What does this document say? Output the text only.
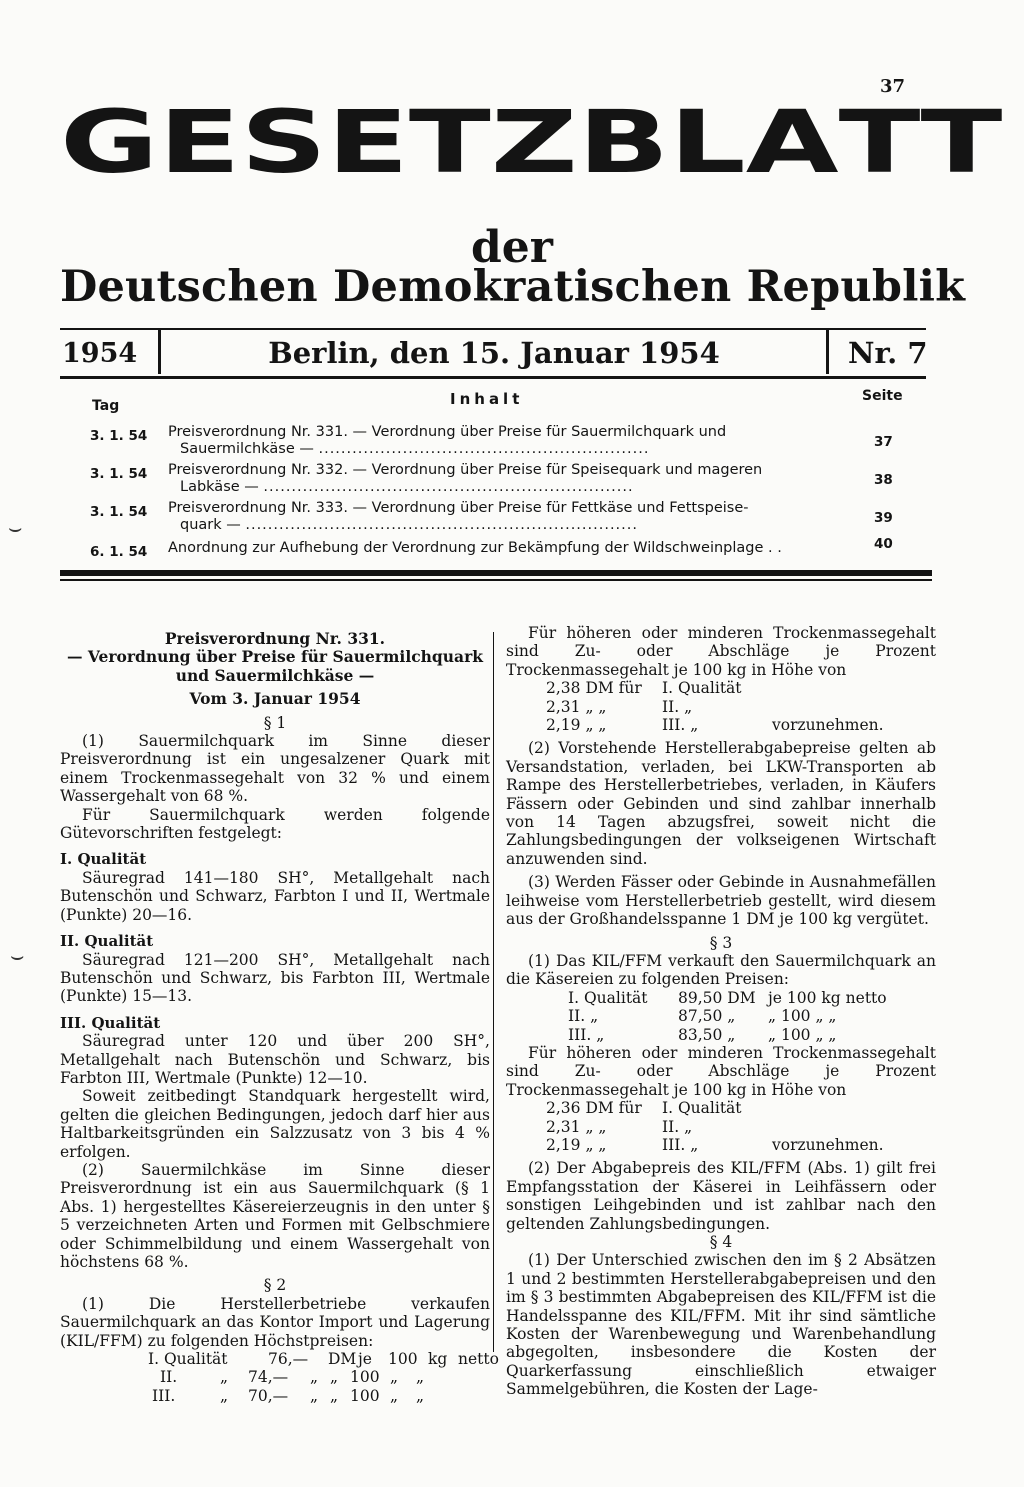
37
G E S E T Z B L A T T
der
Deutschen Demokratischen Republik
1954	Berlin, den 15. Januar 1954	Nr. 7
Tag	Inhalt	Seite
3. 1. 54	Preisverordnung Nr. 331. — Verordnung über Preise für Sauermilchquark und
Sauermilchkäse — ...........................................................	37
3. 1. 54	Preisverordnung Nr. 332. — Verordnung über Preise für Speisequark und mageren
Labkäse — ..................................................................	38
3. 1. 54	Preisverordnung Nr. 333. — Verordnung über Preise für Fettkäse und Fettspeise-
quark — ......................................................................	39
6. 1. 54	Anordnung zur Aufhebung der Verordnung zur Bekämpfung der Wildschweinplage . .	40
⌣
⌣

Preisverordnung Nr. 331.

— Verordnung über Preise für Sauermilchquark

und Sauermilchkäse —

Vom 3. Januar 1954

§ 1

(1) Sauermilchquark im Sinne dieser Preisverordnung ist ein ungesalzener Quark mit einem Trockenmassegehalt von 32 % und einem Wassergehalt von 68 %.

Für Sauermilchquark werden folgende Gütevorschriften festgelegt:

I. Qualität

Säuregrad 141—180 SH°, Metallgehalt nach Butenschön und Schwarz, Farbton I und II, Wertmale (Punkte) 20—16.

II. Qualität

Säuregrad 121—200 SH°, Metallgehalt nach Butenschön und Schwarz, bis Farbton III, Wertmale (Punkte) 15—13.

III. Qualität

Säuregrad unter 120 und über 200 SH°, Metallgehalt nach Butenschön und Schwarz, bis Farbton III, Wertmale (Punkte) 12—10.

Soweit zeitbedingt Standquark hergestellt wird, gelten die gleichen Bedingungen, jedoch darf hier aus Haltbarkeitsgründen ein Salzzusatz von 3 bis 4 % erfolgen.

(2) Sauermilchkäse im Sinne dieser Preisverordnung ist ein aus Sauermilchquark (§ 1 Abs. 1) hergestelltes Käsereierzeugnis in den unter § 5 verzeichneten Arten und Formen mit Gelbschmiere oder Schimmelbildung und einem Wassergehalt von höchstens 68 %.

§ 2

(1) Die Herstellerbetriebe verkaufen Sauermilchquark an das Kontor Import und Lagerung (KIL/FFM) zu folgenden Höchstpreisen:

I. Qualität	76,—	DM je	100 kg netto
II.	„	74,—	„ „ 100 „	„
III.	„	70,—	„ „ 100 „	„

Für höheren oder minderen Trockenmassegehalt sind Zu- oder Abschläge je Prozent Trockenmassegehalt je 100 kg in Höhe von

2,38 DM für	I. Qualität
2,31 „ „	II. „
2,19 „ „	III. „	vorzunehmen.

(2) Vorstehende Herstellerabgabepreise gelten ab Versandstation, verladen, bei LKW-Transporten ab Rampe des Herstellerbetriebes, verladen, in Käufers Fässern oder Gebinden und sind zahlbar innerhalb von 14 Tagen abzugsfrei, soweit nicht die Zahlungsbedingungen der volkseigenen Wirtschaft anzuwenden sind.

(3) Werden Fässer oder Gebinde in Ausnahmefällen leihweise vom Herstellerbetrieb gestellt, wird diesem aus der Großhandelsspanne 1 DM je 100 kg vergütet.

§ 3

(1) Das KIL/FFM verkauft den Sauermilchquark an die Käsereien zu folgenden Preisen:

I. Qualität	89,50 DM je 100 kg netto
II. „	87,50 „	„ 100 „ „
III. „	83,50 „	„ 100 „ „

Für höheren oder minderen Trockenmassegehalt sind Zu- oder Abschläge je Prozent Trockenmassegehalt je 100 kg in Höhe von

2,36 DM für	I. Qualität
2,31 „ „	II. „
2,19 „ „	III. „	vorzunehmen.

(2) Der Abgabepreis des KIL/FFM (Abs. 1) gilt frei Empfangsstation der Käserei in Leihfässern oder sonstigen Leihgebinden und ist zahlbar nach den geltenden Zahlungsbedingungen.

§ 4

(1) Der Unterschied zwischen den im § 2 Absätzen 1 und 2 bestimmten Herstellerabgabepreisen und den im § 3 bestimmten Abgabepreisen des KIL/FFM ist die Handelsspanne des KIL/FFM. Mit ihr sind sämtliche Kosten der Warenbewegung und Warenbehandlung abgegolten, insbesondere die Kosten der Quarkerfassung einschließlich etwaiger Sammelgebühren, die Kosten der Lage-
